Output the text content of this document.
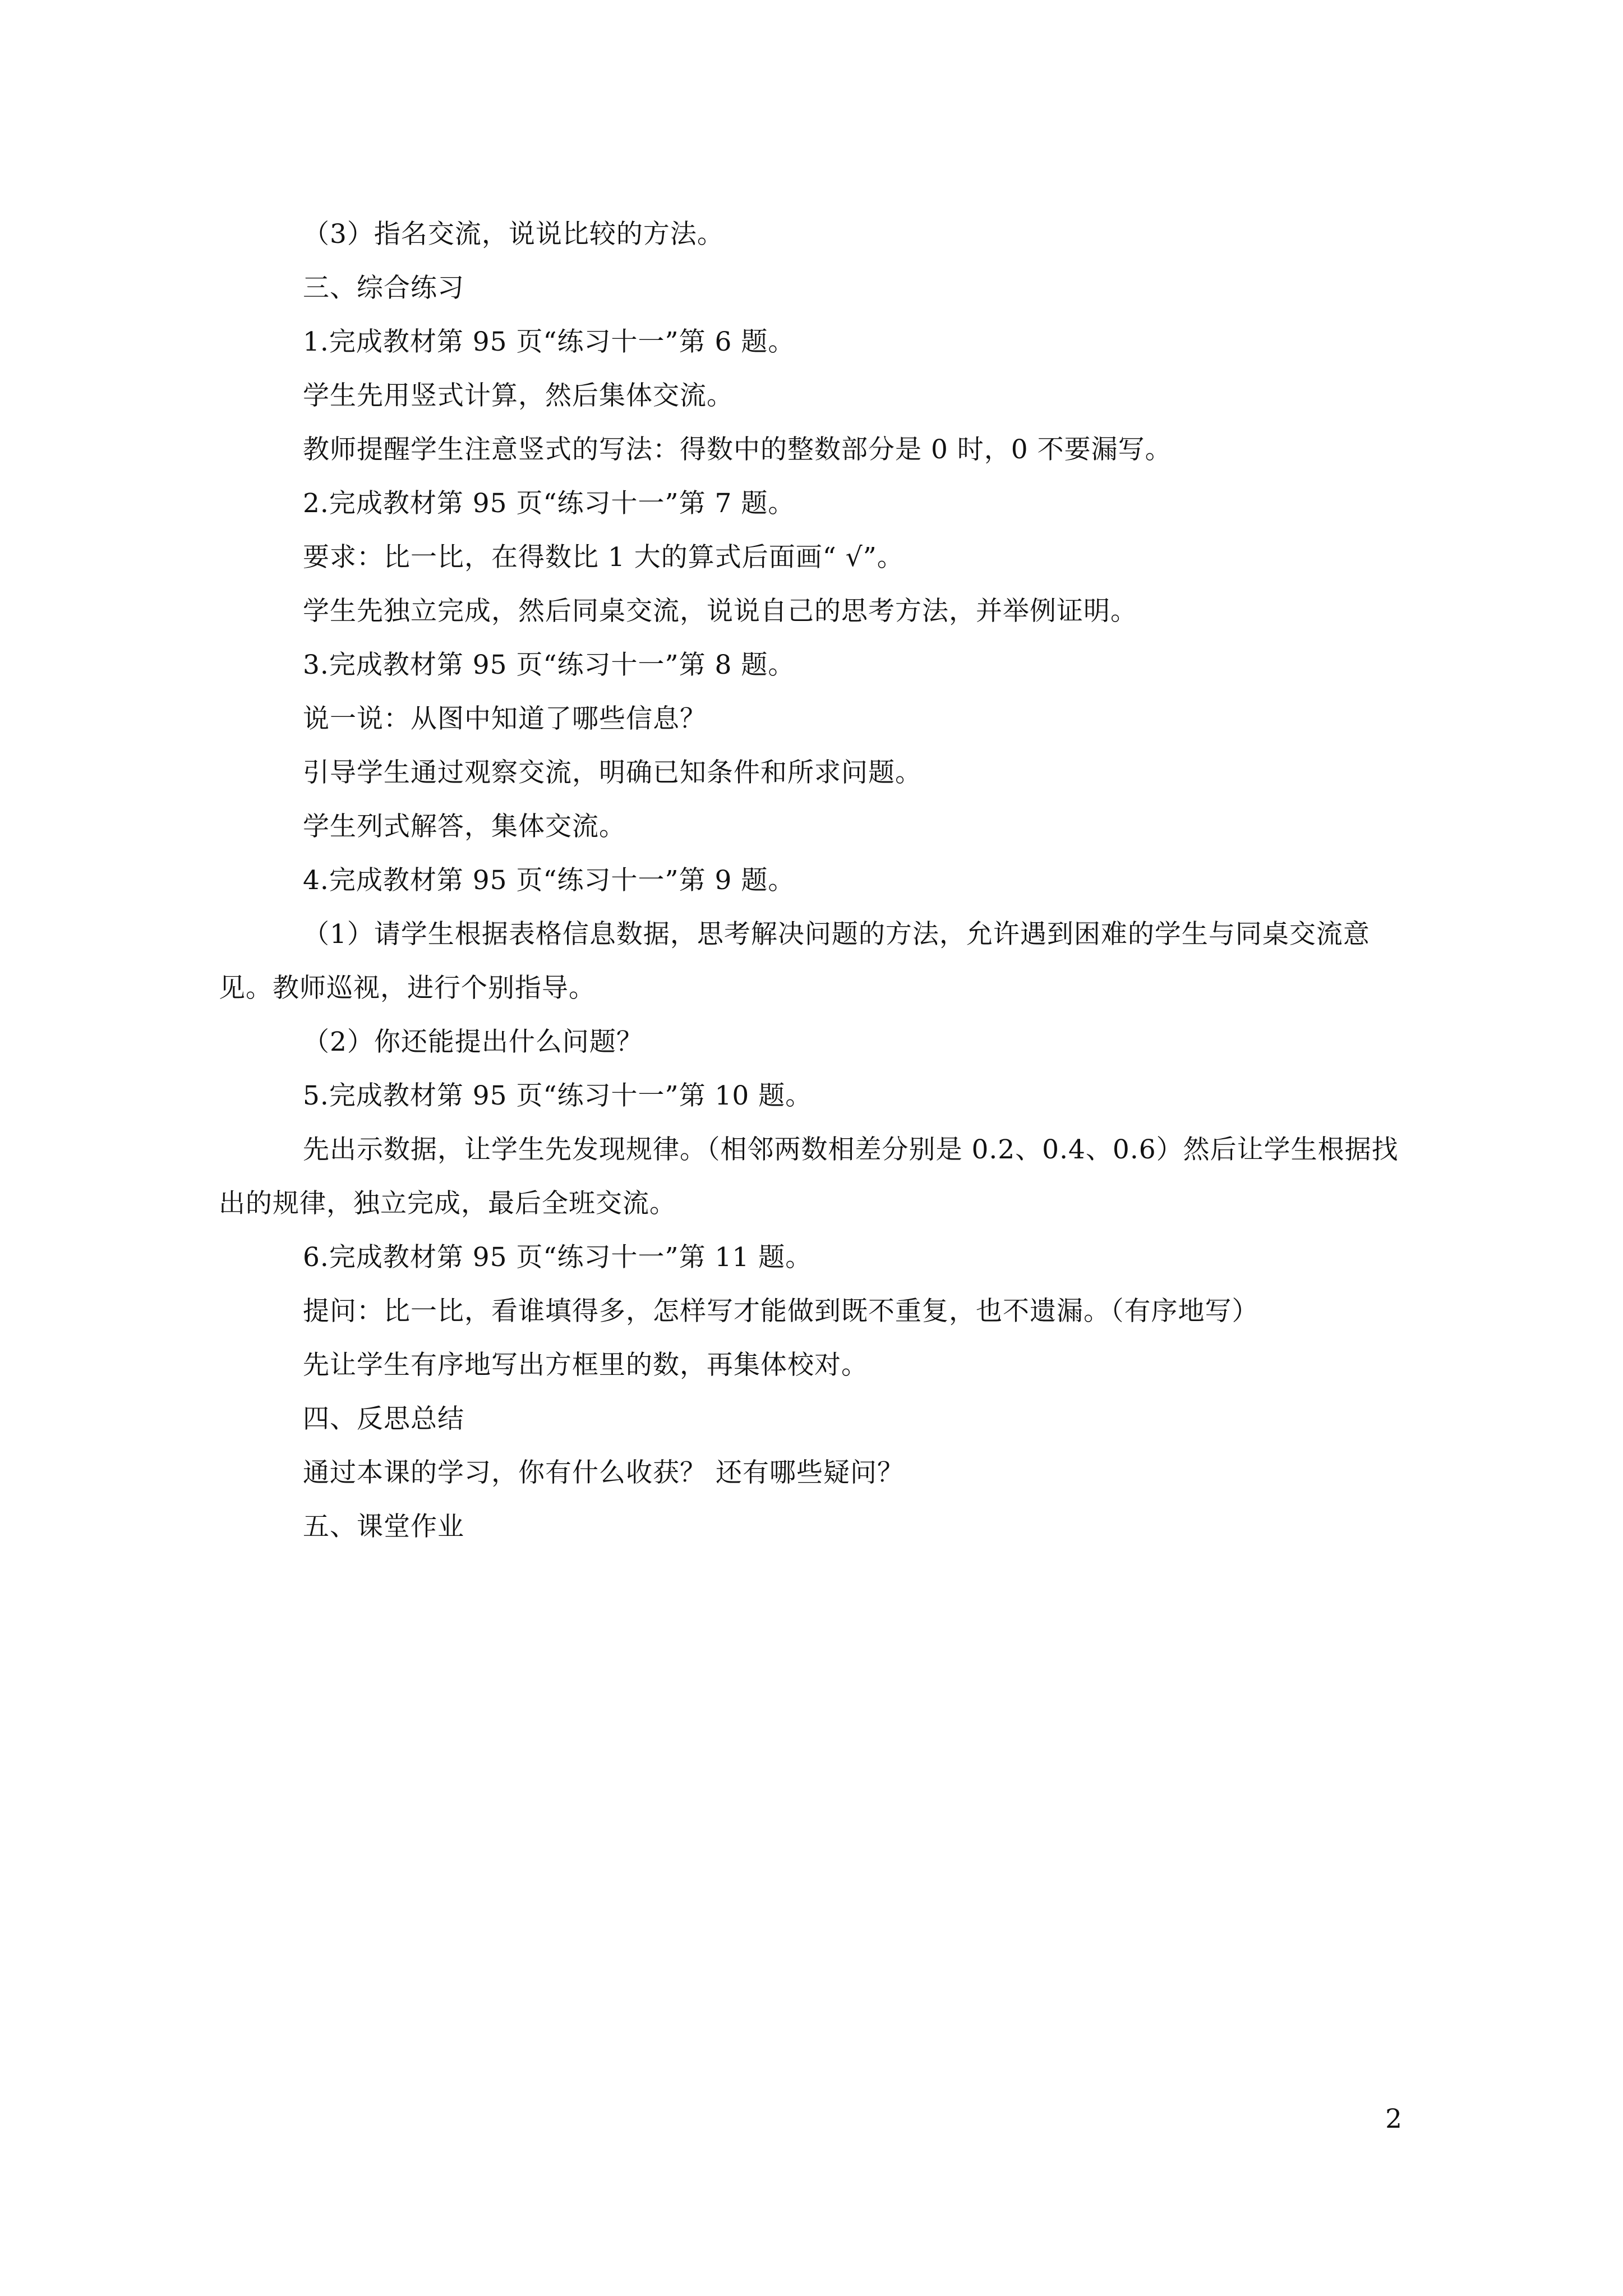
（3）指名交流，说说比较的方法。

三、综合练习

1.完成教材第 95 页“练习十一”第 6 题。

学生先用竖式计算，然后集体交流。

教师提醒学生注意竖式的写法：得数中的整数部分是 0 时，0 不要漏写。

2.完成教材第 95 页“练习十一”第 7 题。

要求：比一比，在得数比 1 大的算式后面画“ √”。

学生先独立完成，然后同桌交流，说说自己的思考方法，并举例证明。

3.完成教材第 95 页“练习十一”第 8 题。

说一说：从图中知道了哪些信息？

引导学生通过观察交流，明确已知条件和所求问题。

学生列式解答，集体交流。

4.完成教材第 95 页“练习十一”第 9 题。

（1）请学生根据表格信息数据，思考解决问题的方法，允许遇到困难的学生与同桌交流意见。教师巡视，进行个别指导。

（2）你还能提出什么问题？

5.完成教材第 95 页“练习十一”第 10 题。

先出示数据，让学生先发现规律。（相邻两数相差分别是 0.2、0.4、0.6）然后让学生根据找出的规律，独立完成，最后全班交流。

6.完成教材第 95 页“练习十一”第 11 题。

提问：比一比，看谁填得多，怎样写才能做到既不重复，也不遗漏。（有序地写）

先让学生有序地写出方框里的数，再集体校对。

四、反思总结

通过本课的学习，你有什么收获？ 还有哪些疑问？

五、课堂作业

2
